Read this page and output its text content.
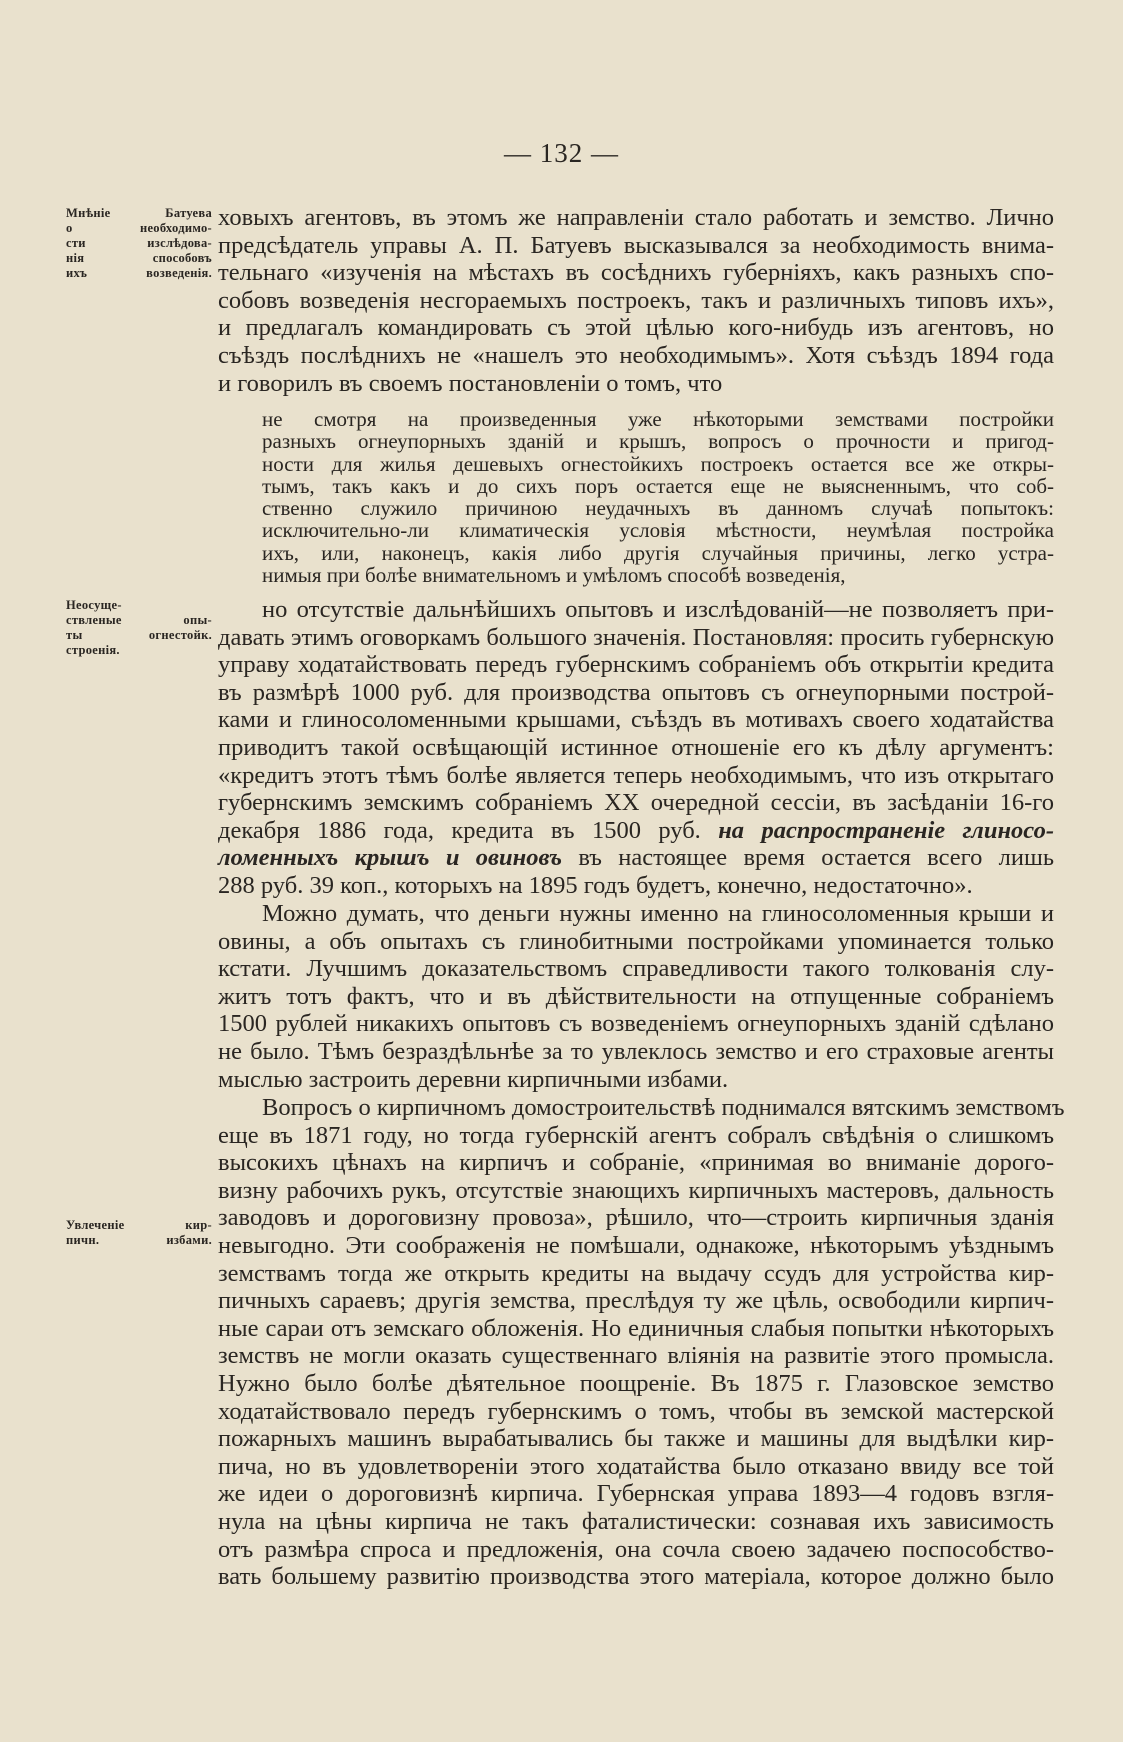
— 132 —
Мнѣніе Батуева
о необходимо-
сти изслѣдова-
нія способовъ
ихъ возведенія.
Неосуще-
ствленые опы-
ты огнестойк.
строенія.
Увлеченіе кир-
пичн. избами.
ховыхъ агентовъ, въ этомъ же направленіи стало работать и земство. Лично
предсѣдатель управы А. П. Батуевъ высказывался за необходимость внима-
тельнаго «изученія на мѣстахъ въ сосѣднихъ губерніяхъ, какъ разныхъ спо-
собовъ возведенія несгораемыхъ построекъ, такъ и различныхъ типовъ ихъ»,
и предлагалъ командировать съ этой цѣлью кого-нибудь изъ агентовъ, но
съѣздъ послѣднихъ не «нашелъ это необходимымъ». Хотя съѣздъ 1894 года
и говорилъ въ своемъ постановленіи о томъ, что
не смотря на произведенныя уже нѣкоторыми земствами постройки
разныхъ огнеупорныхъ зданій и крышъ, вопросъ о прочности и пригод-
ности для жилья дешевыхъ огнестойкихъ построекъ остается все же откры-
тымъ, такъ какъ и до сихъ поръ остается еще не выясненнымъ, что соб-
ственно служило причиною неудачныхъ въ данномъ случаѣ попытокъ:
исключительно-ли климатическія условія мѣстности, неумѣлая постройка
ихъ, или, наконецъ, какія либо другія случайныя причины, легко устра-
нимыя при болѣе внимательномъ и умѣломъ способѣ возведенія,
но отсутствіе дальнѣйшихъ опытовъ и изслѣдованій—не позволяетъ при-
давать этимъ оговоркамъ большого значенія. Постановляя: просить губернскую
управу ходатайствовать передъ губернскимъ собраніемъ объ открытіи кредита
въ размѣрѣ 1000 руб. для производства опытовъ съ огнеупорными построй-
ками и глиносоломенными крышами, съѣздъ въ мотивахъ своего ходатайства
приводитъ такой освѣщающій истинное отношеніе его къ дѣлу аргументъ:
«кредитъ этотъ тѣмъ болѣе является теперь необходимымъ, что изъ открытаго
губернскимъ земскимъ собраніемъ XX очередной сессіи, въ засѣданіи 16-го
декабря 1886 года, кредита въ 1500 руб. на распространеніе глиносо-
ломенныхъ крышъ и овиновъ въ настоящее время остается всего лишь
288 руб. 39 коп., которыхъ на 1895 годъ будетъ, конечно, недостаточно».
Можно думать, что деньги нужны именно на глиносоломенныя крыши и
овины, а объ опытахъ съ глинобитными постройками упоминается только
кстати. Лучшимъ доказательствомъ справедливости такого толкованія слу-
житъ тотъ фактъ, что и въ дѣйствительности на отпущенные собраніемъ
1500 рублей никакихъ опытовъ съ возведеніемъ огнеупорныхъ зданій сдѣлано
не было. Тѣмъ безраздѣльнѣе за то увлеклось земство и его страховые агенты
мыслью застроить деревни кирпичными избами.
Вопросъ о кирпичномъ домостроительствѣ поднимался вятскимъ земствомъ
еще въ 1871 году, но тогда губернскій агентъ собралъ свѣдѣнія о слишкомъ
высокихъ цѣнахъ на кирпичъ и собраніе, «принимая во вниманіе дорого-
визну рабочихъ рукъ, отсутствіе знающихъ кирпичныхъ мастеровъ, дальность
заводовъ и дороговизну провоза», рѣшило, что—строить кирпичныя зданія
невыгодно. Эти соображенія не помѣшали, однакоже, нѣкоторымъ уѣзднымъ
земствамъ тогда же открыть кредиты на выдачу ссудъ для устройства кир-
пичныхъ сараевъ; другія земства, преслѣдуя ту же цѣль, освободили кирпич-
ные сараи отъ земскаго обложенія. Но единичныя слабыя попытки нѣкоторыхъ
земствъ не могли оказать существеннаго вліянія на развитіе этого промысла.
Нужно было болѣе дѣятельное поощреніе. Въ 1875 г. Глазовское земство
ходатайствовало передъ губернскимъ о томъ, чтобы въ земской мастерской
пожарныхъ машинъ вырабатывались бы также и машины для выдѣлки кир-
пича, но въ удовлетвореніи этого ходатайства было отказано ввиду все той
же идеи о дороговизнѣ кирпича. Губернская управа 1893—4 годовъ взгля-
нула на цѣны кирпича не такъ фаталистически: сознавая ихъ зависимость
отъ размѣра спроса и предложенія, она сочла своею задачею поспособство-
вать большему развитію производства этого матеріала, которое должно было
